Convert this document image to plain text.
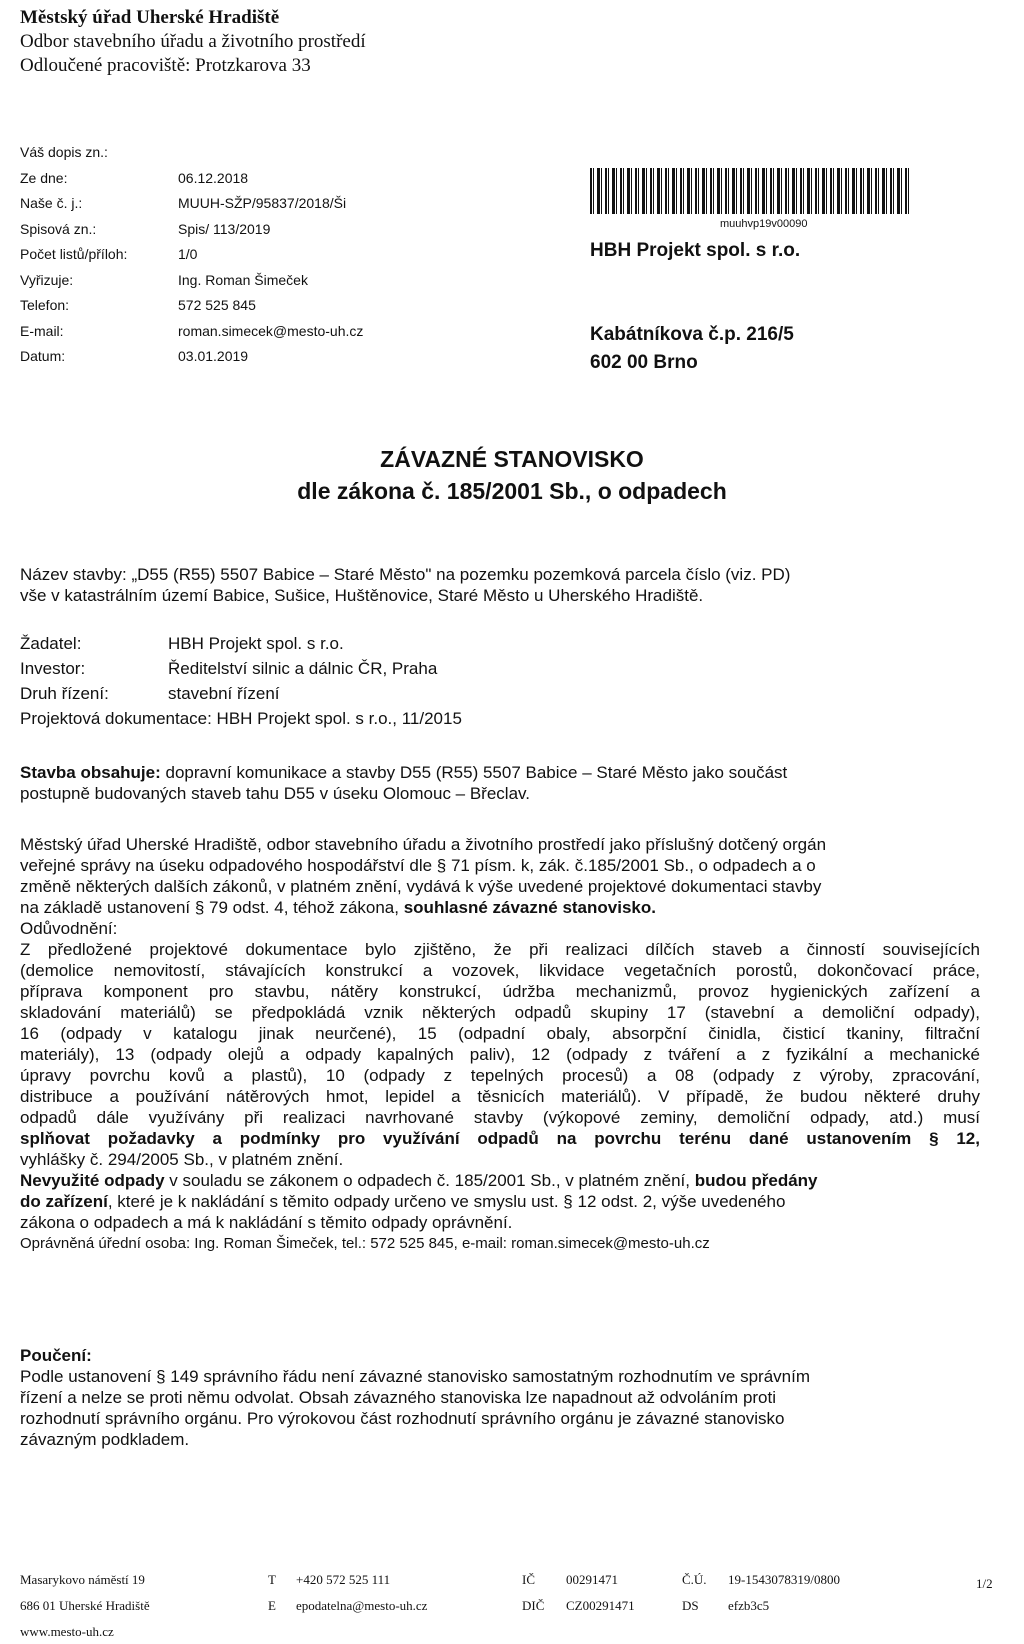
Městský úřad Uherské Hradiště
Odbor stavebního úřadu a životního prostředí
Odloučené pracoviště: Protzkarova 33
Váš dopis zn.:
Ze dne:	06.12.2018
Naše č. j.:	MUUH-SŽP/95837/2018/Ši
Spisová zn.:	Spis/ 113/2019
Počet listů/příloh:	1/0
Vyřizuje:	Ing. Roman Šimeček
Telefon:	572 525 845
E-mail:	roman.simecek@mesto-uh.cz
Datum:	03.01.2019
muuhvp19v00090
HBH Projekt spol. s r.o.
Kabátníkova č.p. 216/5
602 00 Brno
ZÁVAZNÉ STANOVISKO
dle zákona č. 185/2001 Sb., o odpadech
Název stavby: „D55 (R55) 5507 Babice – Staré Město" na pozemku pozemková parcela číslo (viz. PD)
vše v katastrálním území Babice, Sušice, Huštěnovice, Staré Město u Uherského Hradiště.
Žadatel:	HBH Projekt spol. s r.o.
Investor:	Ředitelství silnic a dálnic ČR, Praha
Druh řízení:	stavební řízení
Projektová dokumentace: HBH Projekt spol. s r.o., 11/2015
Stavba obsahuje: dopravní komunikace a stavby D55 (R55) 5507 Babice – Staré Město jako součást
postupně budovaných staveb tahu D55 v úseku Olomouc – Břeclav.
Městský úřad Uherské Hradiště, odbor stavebního úřadu a životního prostředí jako příslušný dotčený orgán
veřejné správy na úseku odpadového hospodářství dle § 71 písm. k, zák. č.185/2001 Sb., o odpadech a o
změně některých dalších zákonů, v platném znění, vydává k výše uvedené projektové dokumentaci stavby
na základě ustanovení § 79 odst. 4, téhož zákona, souhlasné závazné stanovisko.
Odůvodnění:
Z předložené projektové dokumentace bylo zjištěno, že při realizaci dílčích staveb a činností souvisejících
(demolice nemovitostí, stávajících konstrukcí a vozovek, likvidace vegetačních porostů, dokončovací práce,
příprava komponent pro stavbu, nátěry konstrukcí, údržba mechanizmů, provoz hygienických zařízení a
skladování materiálů) se předpokládá vznik některých odpadů skupiny 17 (stavební a demoliční odpady),
16 (odpady v katalogu jinak neurčené), 15 (odpadní obaly, absorpční činidla, čisticí tkaniny, filtrační
materiály), 13 (odpady olejů a odpady kapalných paliv), 12 (odpady z tváření a z fyzikální a mechanické
úpravy povrchu kovů a plastů), 10 (odpady z tepelných procesů) a 08 (odpady z výroby, zpracování,
distribuce a používání nátěrových hmot, lepidel a těsnicích materiálů). V případě, že budou některé druhy
odpadů dále využívány při realizaci navrhované stavby (výkopové zeminy, demoliční odpady, atd.) musí
splňovat požadavky a podmínky pro využívání odpadů na povrchu terénu dané ustanovením § 12,
vyhlášky č. 294/2005 Sb., v platném znění.
Nevyužité odpady v souladu se zákonem o odpadech č. 185/2001 Sb., v platném znění, budou předány
do zařízení, které je k nakládání s těmito odpady určeno ve smyslu ust. § 12 odst. 2, výše uvedeného
zákona o odpadech a má k nakládání s těmito odpady oprávnění.
Oprávněná úřední osoba: Ing. Roman Šimeček, tel.: 572 525 845, e-mail: roman.simecek@mesto-uh.cz
Poučení:
Podle ustanovení § 149 správního řádu není závazné stanovisko samostatným rozhodnutím ve správním
řízení a nelze se proti němu odvolat. Obsah závazného stanoviska lze napadnout až odvoláním proti
rozhodnutí správního orgánu. Pro výrokovou část rozhodnutí správního orgánu je závazné stanovisko
závazným podkladem.
Masarykovo náměstí 19
686 01 Uherské Hradiště
www.mesto-uh.cz
T +420 572 525 111
E epodatelna@mesto-uh.cz
IČ 00291471
DIČ CZ00291471
Č.Ú. 19-1543078319/0800
DS efzb3c5
1/2
